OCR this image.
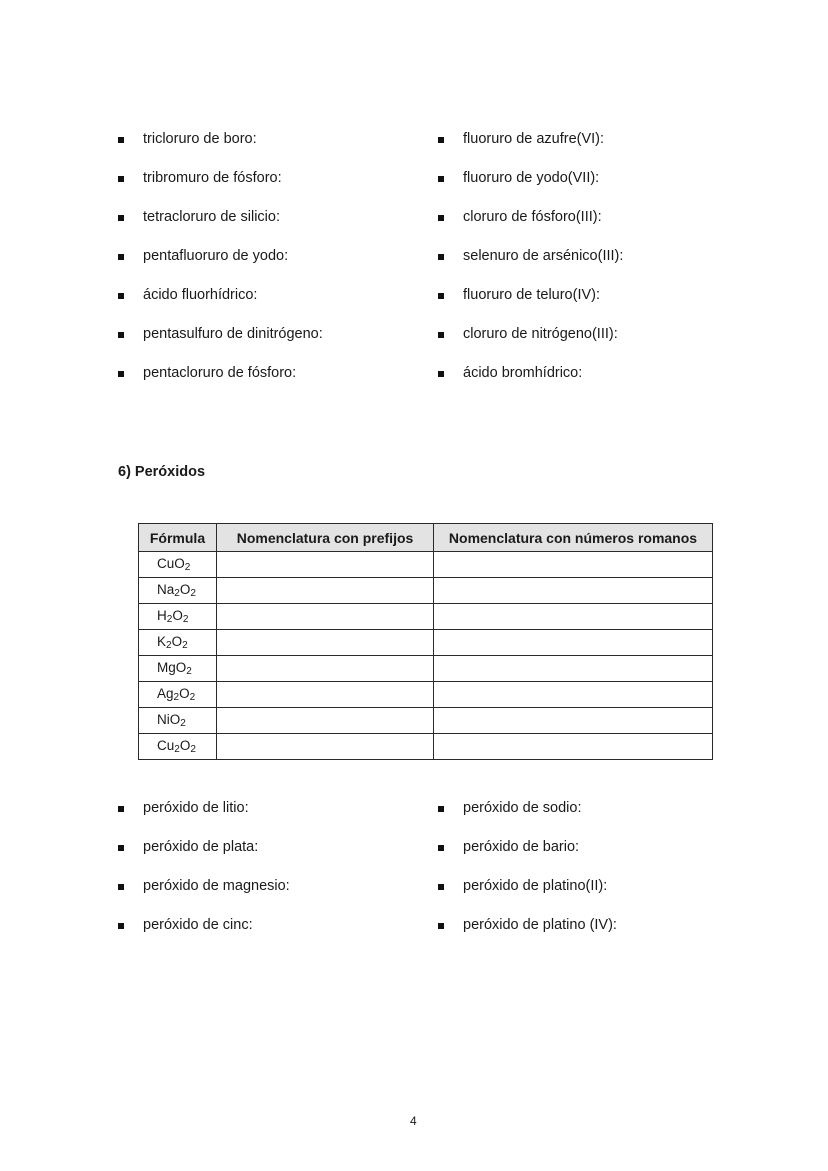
tricloruro de boro:
tribromuro de fósforo:
tetracloruro de silicio:
pentafluoruro de yodo:
ácido fluorhídrico:
pentasulfuro de dinitrógeno:
pentacloruro de fósforo:
fluoruro de azufre(VI):
fluoruro de yodo(VII):
cloruro de fósforo(III):
selenuro de arsénico(III):
fluoruro de teluro(IV):
cloruro de nitrógeno(III):
ácido bromhídrico:
6) Peróxidos
Fórmula	Nomenclatura con prefijos	Nomenclatura con números romanos
CuO$_2$		
$Na_2O_2$		
$H_2O_2$		
$K_2O_2$		
MgO$_2$		
$Ag_2O_2$		
NiO$_2$		
$Cu_2O_2$		
peróxido de litio:
peróxido de plata:
peróxido de magnesio:
peróxido de cinc:
peróxido de sodio:
peróxido de bario:
peróxido de platino(II):
peróxido de platino (IV):
4
